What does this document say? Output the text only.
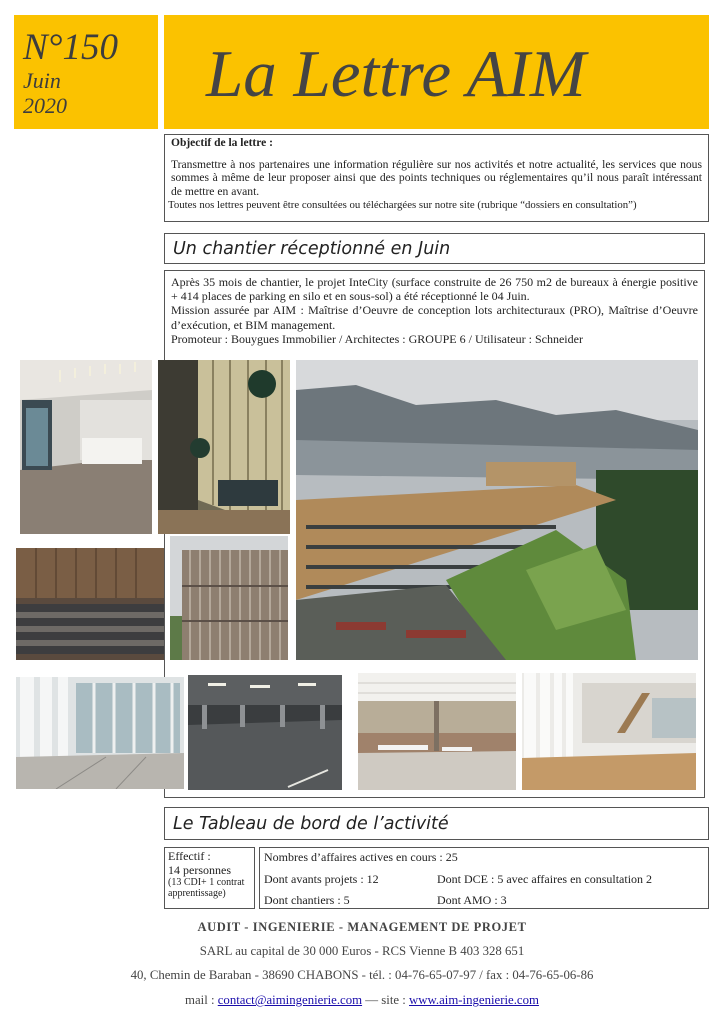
N°150
Juin
2020 La Lettre AIM
Objectif de la lettre :
Transmettre à nos partenaires une information régulière sur nos activités et notre actualité, les services que nous sommes à même de leur proposer ainsi que des points techniques ou réglementaires qu’il nous paraît intéressant de mettre en avant.
Toutes nos lettres peuvent être consultées ou téléchargées sur notre site (rubrique “dossiers en consultation”)
Un chantier réceptionné en Juin
Après 35 mois de chantier, le projet InteCity (surface construite de 26 750 m2 de bureaux à énergie positive + 414 places de parking en silo et en sous-sol) a été réceptionné le 04 Juin.
Mission assurée par AIM : Maîtrise d’Oeuvre de conception lots architecturaux (PRO), Maîtrise d’Oeuvre d’exécution, et BIM management.
Promoteur : Bouygues Immobilier / Architectes : GROUPE 6 / Utilisateur : Schneider
Le Tableau de bord de l’activité
Effectif :
14 personnes
(13 CDI+ 1 contrat apprentissage)
Nombres d’affaires actives en cours : 25
Dont avants projets : 12	Dont DCE : 5 avec affaires en consultation 2
Dont chantiers : 5	Dont AMO : 3
AUDIT - INGENIERIE - MANAGEMENT DE PROJET
SARL au capital de 30 000 Euros - RCS Vienne B 403 328 651
40, Chemin de Baraban - 38690 CHABONS - tél. : 04-76-65-07-97 / fax : 04-76-65-06-86
mail : contact@aimingenierie.com — site : www.aim-ingenierie.com
